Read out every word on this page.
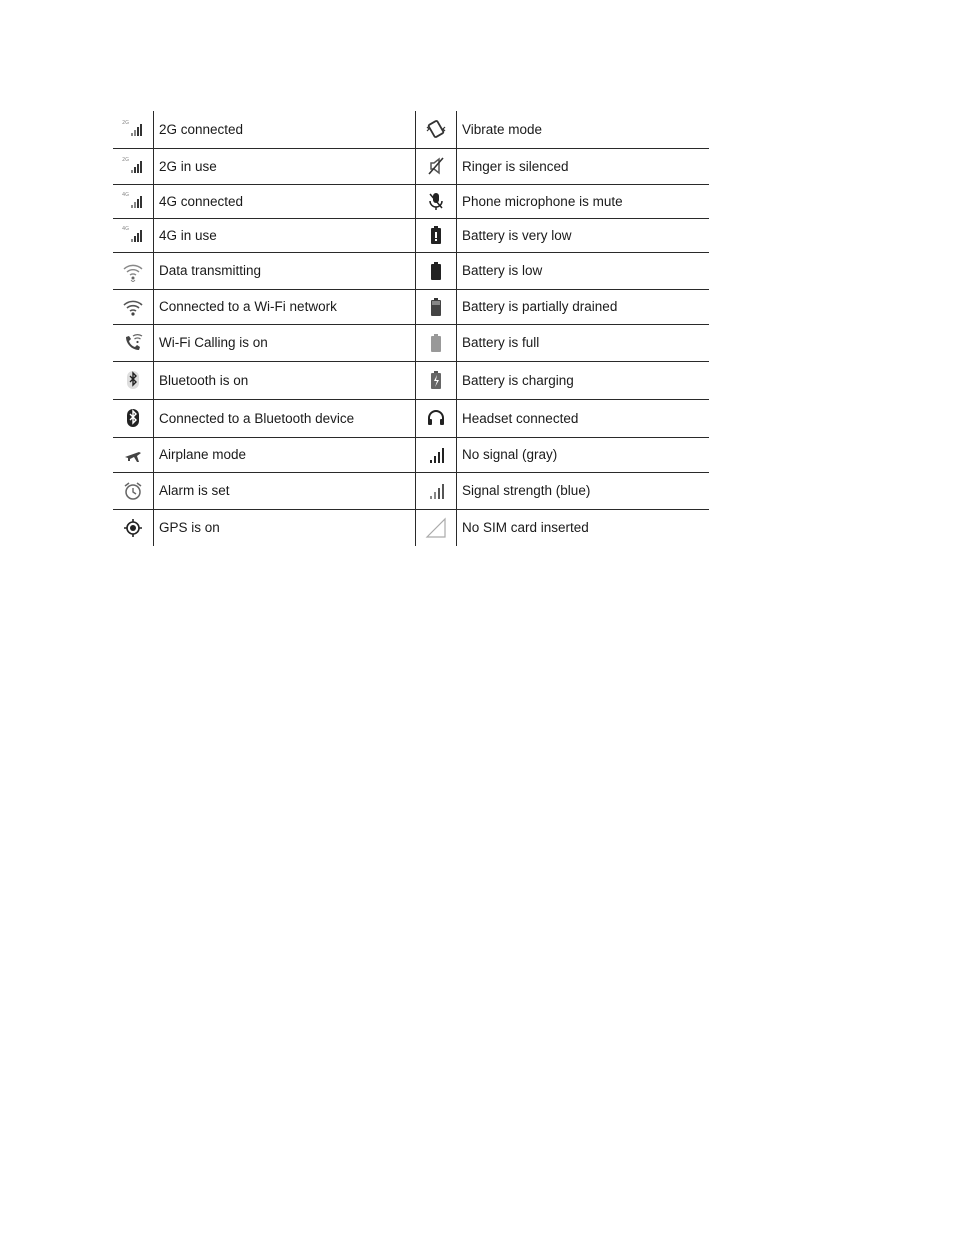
2G	2G connected		Vibrate mode

2G	2G in use		Ringer is silenced

4G	4G connected		Phone microphone is mute

4G	4G in use		Battery is very low

	Data transmitting		Battery is low

	Connected to a Wi-Fi network		Battery is partially drained

	Wi-Fi Calling is on		Battery is full

	Bluetooth is on		Battery is charging

	Connected to a Bluetooth device		Headset connected

	Airplane mode		No signal (gray)

	Alarm is set		Signal strength (blue)

	GPS is on		No SIM card inserted
